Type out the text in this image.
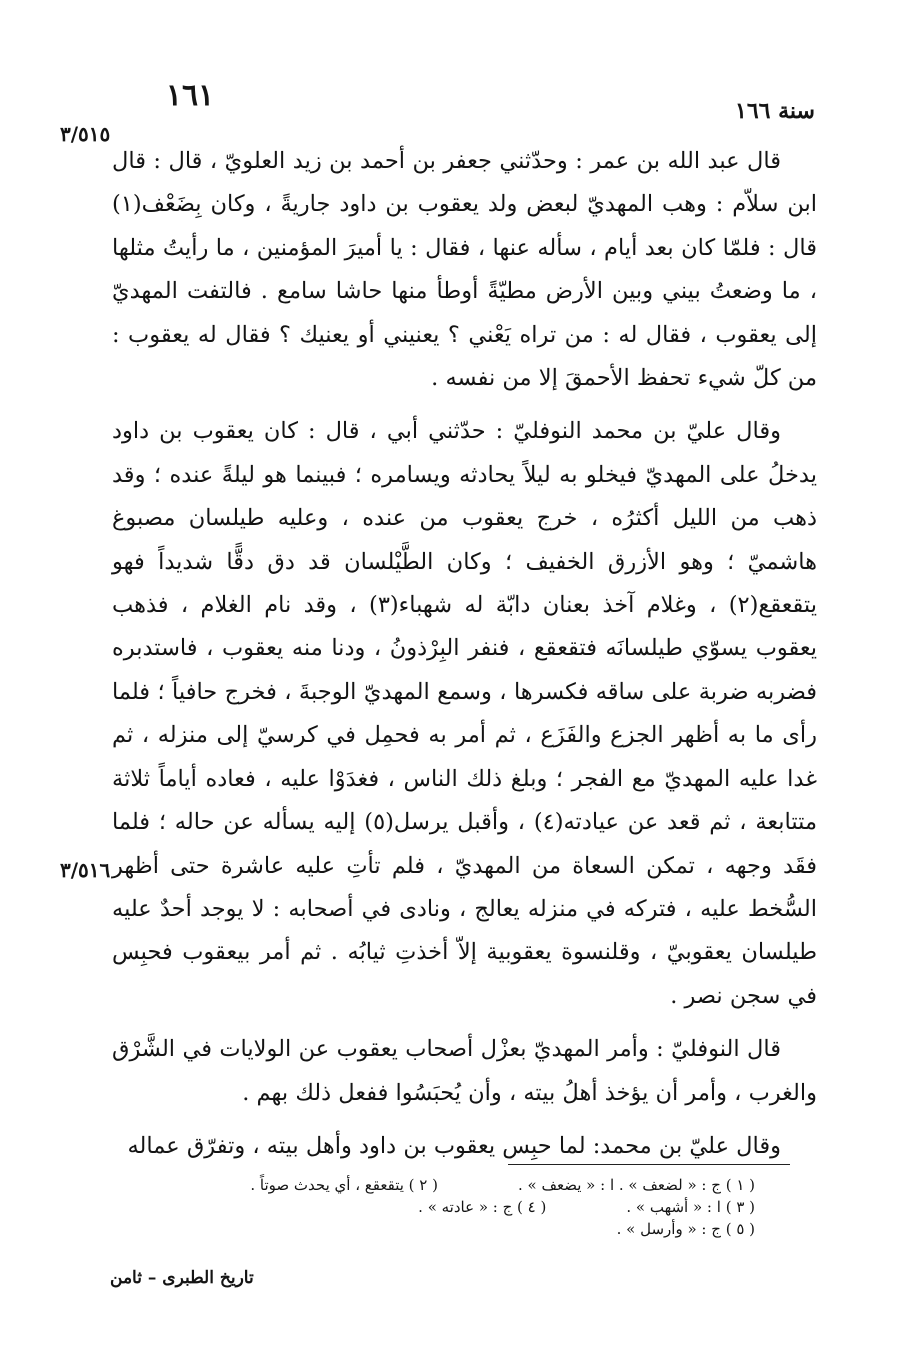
١٦١	سنة ١٦٦
٣/٥١٥
٣/٥١٦

قال عبد الله بن عمر : وحدّثني جعفر بن أحمد بن زيد العلويّ ، قال : قال ابن سلاّم : وهب المهديّ لبعض ولد يعقوب بن داود جاريةً ، وكان بِضَعْف(١) قال : فلمّا كان بعد أيام ، سأله عنها ، فقال : يا أميرَ المؤمنين ، ما رأيتُ مثلها ، ما وضعتُ بيني وبين الأرض مطيّةً أوطأ منها حاشا سامع . فالتفت المهديّ إلى يعقوب ، فقال له : من تراه يَعْني ؟ يعنيني أو يعنيك ؟ فقال له يعقوب : من كلّ شيء تحفظ الأحمقَ إلا من نفسه .

وقال عليّ بن محمد النوفليّ : حدّثني أبي ، قال : كان يعقوب بن داود يدخلُ على المهديّ فيخلو به ليلاً يحادثه ويسامره ؛ فبينما هو ليلةً عنده ؛ وقد ذهب من الليل أكثرُه ، خرج يعقوب من عنده ، وعليه طيلسان مصبوغ هاشميّ ؛ وهو الأزرق الخفيف ؛ وكان الطَّيْلسان قد دق دقًّا شديداً فهو يتقعقع(٢) ، وغلام آخذ بعنان دابّة له شهباء(٣) ، وقد نام الغلام ، فذهب يعقوب يسوّي طيلسانَه فتقعقع ، فنفر البِرْذونُ ، ودنا منه يعقوب ، فاستدبره فضربه ضربة على ساقه فكسرها ، وسمع المهديّ الوجبةَ ، فخرج حافياً ؛ فلما رأى ما به أظهر الجزع والفَزَع ، ثم أمر به فحمِل في كرسيّ إلى منزله ، ثم غدا عليه المهديّ مع الفجر ؛ وبلغ ذلك الناس ، فغدَوْا عليه ، فعاده أياماً ثلاثة متتابعة ، ثم قعد عن عيادته(٤) ، وأقبل يرسل(٥) إليه يسأله عن حاله ؛ فلما فقَد وجهه ، تمكن السعاة من المهديّ ، فلم تأتِ عليه عاشرة حتى أظهر السُّخط عليه ، فتركه في منزله يعالج ، ونادى في أصحابه : لا يوجد أحدٌ عليه طيلسان يعقوبيّ ، وقلنسوة يعقوبية إلاّ أخذتِ ثيابُه . ثم أمر بيعقوب فحبِس في سجن نصر .

قال النوفليّ : وأمر المهديّ بعزْل أصحاب يعقوب عن الولايات في الشَّرْق والغرب ، وأمر أن يؤخذ أهلُ بيته ، وأن يُحبَسُوا ففعل ذلك بهم .

وقال عليّ بن محمد: لما حبِس يعقوب بن داود وأهل بيته ، وتفرّق عماله

( ١ ) ج : « لضعف » . ا : « يضعف » .
( ٢ ) يتقعقع ، أي يحدث صوتاً .
( ٣ ) ا : « أشهب » .
( ٤ ) ج : « عادته » .
( ٥ ) ج : « وأرسل » .
تاريخ الطبرى – ثامن
